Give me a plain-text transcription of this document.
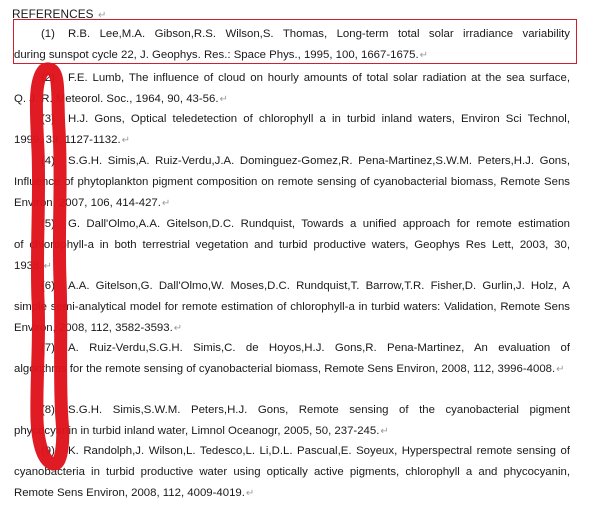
REFERENCES ↵
(1) R.B. Lee,M.A. Gibson,R.S. Wilson,S. Thomas, Long-term total solar irradiance variability
during sunspot cycle 22, J. Geophys. Res.: Space Phys., 1995, 100, 1667-1675.↵
(2) F.E. Lumb, The influence of cloud on hourly amounts of total solar radiation at the sea surface,
Q. J. R. Meteorol. Soc., 1964, 90, 43-56.↵
(3) H.J. Gons, Optical teledetection of chlorophyll a in turbid inland waters, Environ Sci Technol,
1999, 33, 1127-1132.↵
(4) S.G.H. Simis,A. Ruiz-Verdu,J.A. Dominguez-Gomez,R. Pena-Martinez,S.W.M. Peters,H.J. Gons,
Influence of phytoplankton pigment composition on remote sensing of cyanobacterial biomass, Remote Sens Environ, 2007, 106, 414-427.↵
(5) G. Dall'Olmo,A.A. Gitelson,D.C. Rundquist, Towards a unified approach for remote estimation
of chlorophyll-a in both terrestrial vegetation and turbid productive waters, Geophys Res Lett, 2003, 30, 1938.↵
(6) A.A. Gitelson,G. Dall'Olmo,W. Moses,D.C. Rundquist,T. Barrow,T.R. Fisher,D. Gurlin,J. Holz, A
simple semi-analytical model for remote estimation of chlorophyll-a in turbid waters: Validation, Remote Sens Environ, 2008, 112, 3582-3593.↵
(7) A. Ruiz-Verdu,S.G.H. Simis,C. de Hoyos,H.J. Gons,R. Pena-Martinez, An evaluation of
algorithms for the remote sensing of cyanobacterial biomass, Remote Sens Environ, 2008, 112, 3996-4008.↵
(8) S.G.H. Simis,S.W.M. Peters,H.J. Gons, Remote sensing of the cyanobacterial pigment
phycocyanin in turbid inland water, Limnol Oceanogr, 2005, 50, 237-245.↵
(9) K. Randolph,J. Wilson,L. Tedesco,L. Li,D.L. Pascual,E. Soyeux, Hyperspectral remote sensing of
cyanobacteria in turbid productive water using optically active pigments, chlorophyll a and phycocyanin, Remote Sens Environ, 2008, 112, 4009-4019.↵
